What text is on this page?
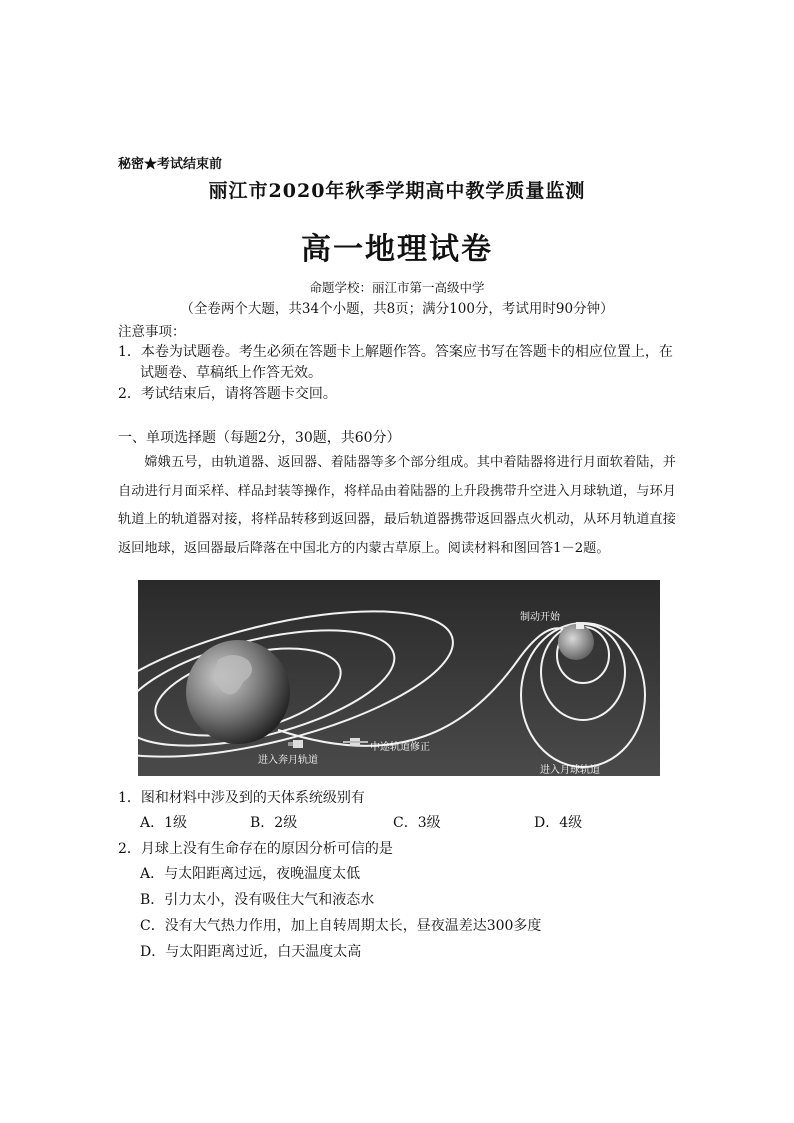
秘密★考试结束前
丽江市2020年秋季学期高中教学质量监测
高一地理试卷
命题学校：丽江市第一高级中学
（全卷两个大题，共34个小题，共8页；满分100分，考试用时90分钟）
注意事项：
1．本卷为试题卷。考生必须在答题卡上解题作答。答案应书写在答题卡的相应位置上，在
试题卷、草稿纸上作答无效。
2．考试结束后，请将答题卡交回。
一、单项选择题（每题2分，30题，共60分）
嫦娥五号，由轨道器、返回器、着陆器等多个部分组成。其中着陆器将进行月面软着陆，并自动进行月面采样、样品封装等操作，将样品由着陆器的上升段携带升空进入月球轨道，与环月轨道上的轨道器对接，将样品转移到返回器，最后轨道器携带返回器点火机动，从环月轨道直接返回地球，返回器最后降落在中国北方的内蒙古草原上。阅读材料和图回答1－2题。
制动开始
中途轨道修正
进入奔月轨道
进入月球轨道
1．图和材料中涉及到的天体系统级别有
A．1级	B．2级	C．3级	D．4级
2．月球上没有生命存在的原因分析可信的是
A．与太阳距离过远，夜晚温度太低
B．引力太小，没有吸住大气和液态水
C．没有大气热力作用，加上自转周期太长，昼夜温差达300多度
D．与太阳距离过近，白天温度太高
